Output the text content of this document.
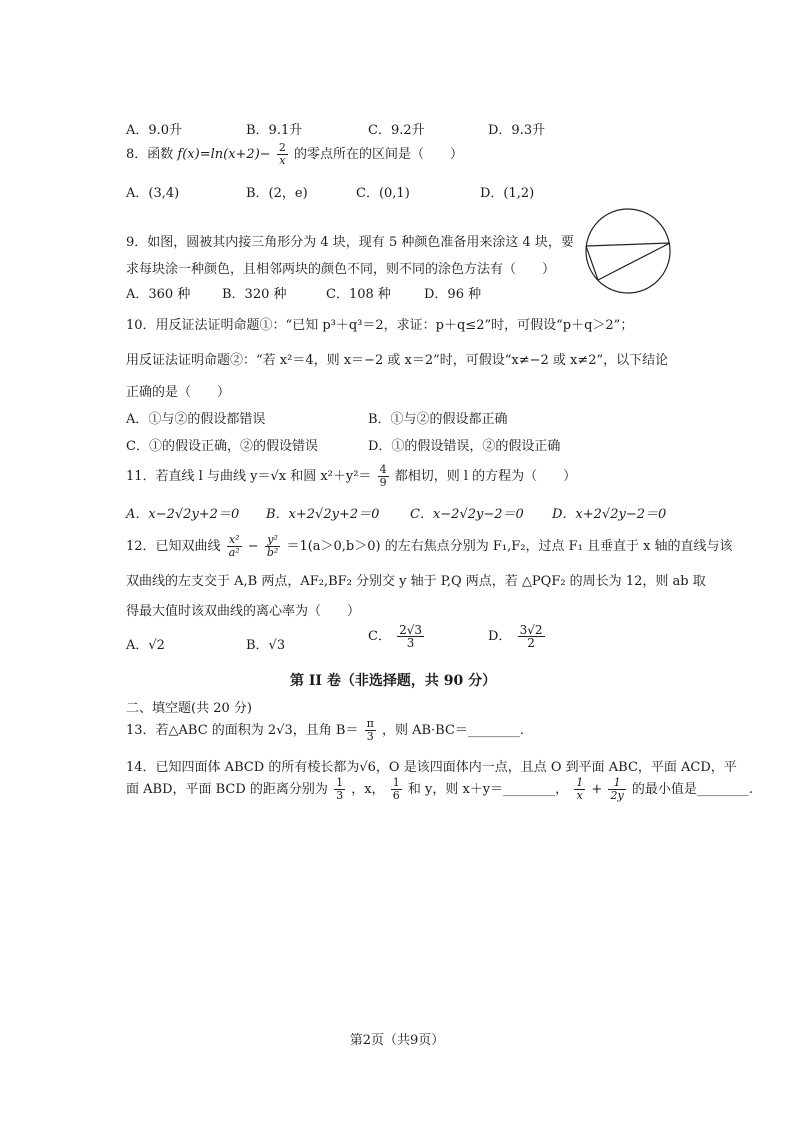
A．9.0升	B．9.1升	C．9.2升	D．9.3升
8．函数 $f(x)=\ln(x+2)- \frac{2}{x}$ 的零点所在的区间是（　　）
A．(3,4)	B．(2，e)	C．(0,1)	D．(1,2)
9．如图，圆被其内接三角形分为 4 块，现有 5 种颜色准备用来涂这 4 块，要
求每块涂一种颜色，且相邻两块的颜色不同，则不同的涂色方法有（　　）
A．360 种 B．320 种	C．108 种	D．96 种
10．用反证法证明命题①：“已知 p³＋q³＝2，求证：p＋q≤2”时，可假设“p＋q＞2”；
用反证法证明命题②：“若 x²＝4，则 x＝−2 或 x＝2”时，可假设“x≠−2 或 x≠2”，以下结论
正确的是（　　）
A．①与②的假设都错误	B．①与②的假设都正确
C．①的假设正确，②的假设错误	D．①的假设错误，②的假设正确
11．若直线 l 与曲线 y＝√x 和圆 $x^2+y^2= \frac{4}{9}$ 都相切，则 l 的方程为（　　）
A．x−2√2y+2＝0 B．x+2√2y+2＝0 C．x−2√2y−2＝0 D．x+2√2y−2＝0
12．已知双曲线 $\frac{\text{x²}}{\text{a²}} - \frac{\text{y²}}{\text{b²}} =1(a>0,b>0)$ 的左右焦点分别为 F₁,F₂，过点 F₁ 且垂直于 x 轴的直线与该
双曲线的左支交于 A,B 两点，AF₂,BF₂ 分别交 y 轴于 P,Q 两点，若 △PQF₂ 的周长为 12，则 ab 取
得最大值时该双曲线的离心率为（　　）
A．√2	B．√3
C． $\frac{2√3}{3}$	D． $\frac{3√2}{2}$
第 II 卷（非选择题，共 90 分）
二、填空题(共 20 分)
13．若△ABC 的面积为 2√3，且角 $B= \frac{\pi}{3}$ ，则 AB·BC＝________.
14．已知四面体 ABCD 的所有棱长都为√6，O 是该四面体内一点，且点 O 到平面 ABC，平面 ACD，平
面 ABD，平面 BCD 的距离分别为 $\frac{1}{3}$ ，x， $\frac{1}{6}$ 和 y，则 x＋y＝________， $\frac{1}{x} + \frac{1}{2y}$ 的最小值是________.
第2页（共9页）
